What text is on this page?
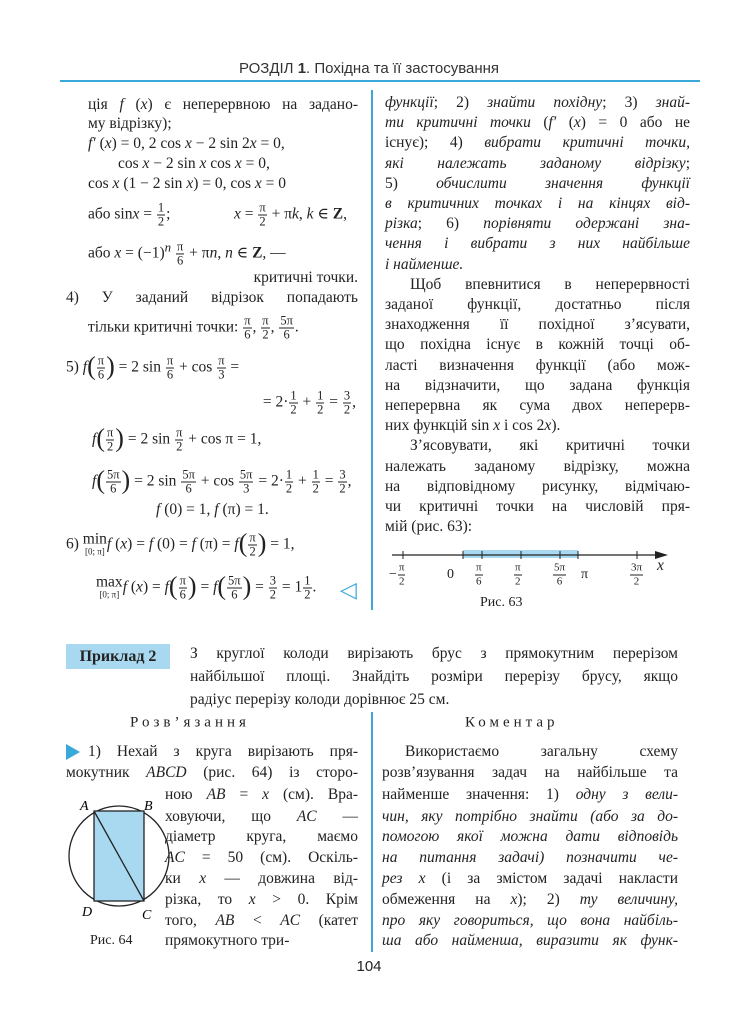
РОЗДІЛ 1. Похідна та її застосування
ція f (x) є неперервною на задано-
му відрізку);
f′ (x) = 0, 2 cos x − 2 sin 2x = 0,
cos x − 2 sin x cos x = 0,
cos x (1 − 2 sin x) = 0, cos x = 0
або $\sin x = \frac{1}{2}$ ;	$x = \frac{\pi}{2} + \pi k$, k ∈ Z,
або $x = (-1)^n \frac{\pi}{6} + \pi n$, n ∈ Z, —
критичні точки.
4) У заданий відрізок попадають
тільки критичні точки: $\frac{\pi}{6}$ , $\frac{\pi}{2}$ , $\frac{5\pi}{6}$ .
5) $f( \frac{\pi}{6}$ ) = 2 $\sin \frac{\pi}{6} + \cos \frac{\pi}{3}$ =
= $2\cdot \frac{1}{2} + \frac{1}{2} = \frac{3}{2}$ ,
$f( \frac{\pi}{2}$ ) = 2 $\sin \frac{\pi}{2} + \cos \pi = 1$,
$f( \frac{5\pi}{6}$ ) = 2 $\sin \frac{5\pi}{6} + \cos \frac{5\pi}{3} = 2\cdot \frac{1}{2} + \frac{1}{2} = \frac{3}{2}$ ,
f (0) = 1, f (π) = 1.
6) min
[0; π] f (x) = f (0) = f $(\pi) = f( \frac{\pi}{2}$ ) = 1,
max
[0; π] f $(x) = f( \frac{\pi}{6}$ ) = $f( \frac{5\pi}{6}$ ) = $\frac{3}{2} = 1 \frac{1}{2}$ . ◁
функції; 2) знайти похідну; 3) знай-
ти критичні точки (f′ (x) = 0 або не
існує); 4) вибрати критичні точки,
які належать заданому відрізку;
5) обчислити значення функції
в критичних точках і на кінцях від-
різка; 6) порівняти одержані зна-
чення і вибрати з них найбільше
і найменше.
Щоб впевнитися в неперервності
заданої функції, достатньо після
знаходження її похідної з’ясувати,
що похідна існує в кожній точці об-
ласті визначення функції (або мож-
на відзначити, що задана функція
неперервна як сума двох неперерв-
них функцій sin x і cos 2x).
З’ясовувати, які критичні точки
належать заданому відрізку, можна
на відповідному рисунку, відмічаю-
чи критичні точки на числовій пря-
мій (рис. 63):
− $\frac{\pi}{2}$	$0 \frac{\pi}{6}$	$\frac{\pi}{2}$	$\frac{5\pi}{6}$ π	$\frac{3\pi}{2}$ x
Рис. 63
Приклад 2	З круглої колоди вирізають брус з прямокутним перерізом
найбільшої площі. Знайдіть розміри перерізу брусу, якщо
радіус перерізу колоди дорівнює 25 см.
Розв’язання	Коментар
1) Нехай з круга вирізають пря-
мокутник ABCD (рис. 64) із сторо-
ною AB = x (см). Вра-
ховуючи, що AC —
діаметр круга, маємо
AC = 50 (см). Оскіль-
ки x — довжина від-
різка, то x > 0. Крім
того, AB < AC (катет
прямокутного три-
Використаємо загальну схему
розв’язування задач на найбільше та
найменше значення: 1) одну з вели-
чин, яку потрібно знайти (або за до-
помогою якої можна дати відповідь
на питання задачі) позначити че-
рез x (і за змістом задачі накласти
обмеження на x); 2) ту величину,
про яку говориться, що вона найбіль-
ша або найменша, виразити як функ-
A	B
C
D
Рис. 64
104
